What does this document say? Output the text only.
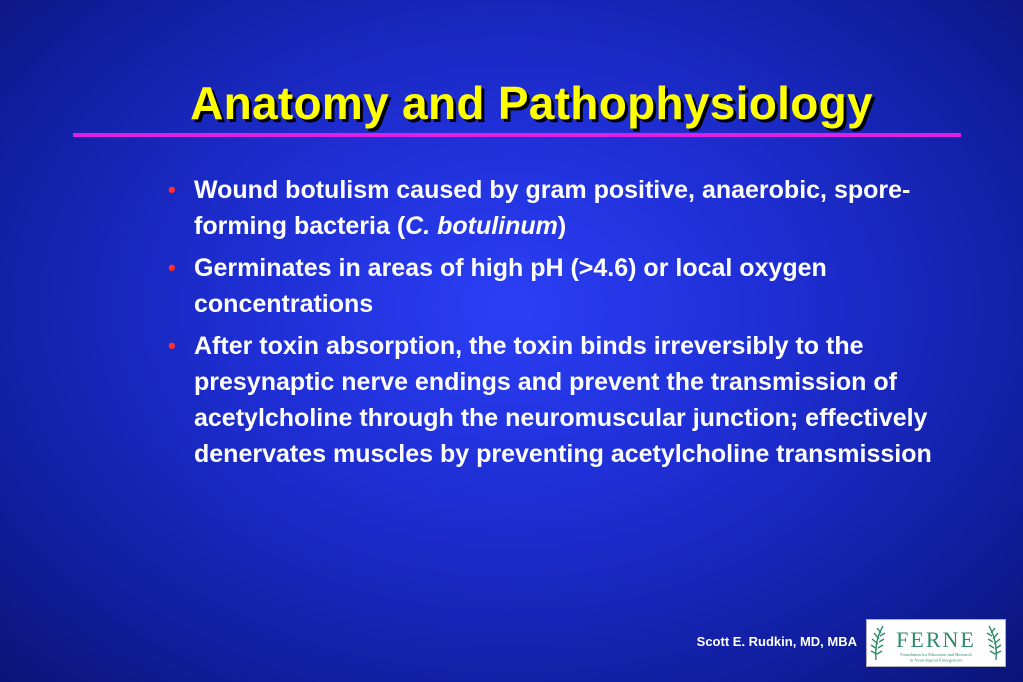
Anatomy and Pathophysiology
• Wound botulism caused by gram positive, anaerobic, spore-forming bacteria (C. botulinum)
• Germinates in areas of high pH (>4.6) or local oxygen concentrations
• After toxin absorption, the toxin binds irreversibly to the presynaptic nerve endings and prevent the transmission of acetylcholine through the neuromuscular junction; effectively denervates muscles by preventing acetylcholine transmission
Scott E. Rudkin, MD, MBA FERNE
Foundation for Education and Research
in Neurological Emergencies
